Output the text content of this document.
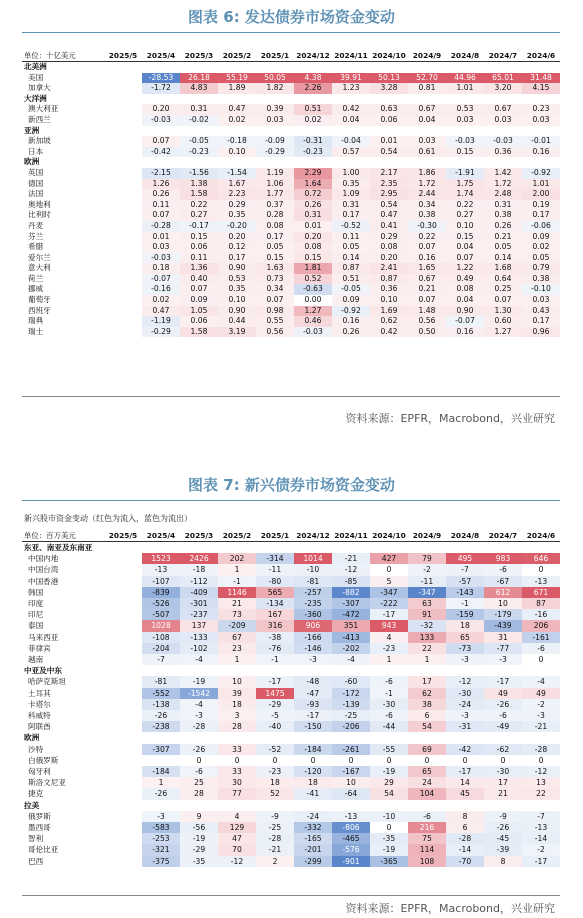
图表 6: 发达债券市场资金变动
单位：十亿美元	2025/5	2025/4	2025/3	2025/2	2025/1	2024/12	2024/11	2024/10	2024/9	2024/8	2024/7	2024/6
北美洲												
美国		-28.53	26.18	55.19	50.05	4.38	39.91	50.13	52.70	44.96	65.01	31.48
加拿大		-1.72	4.83	1.89	1.82	2.26	1.23	3.28	0.81	1.01	3.20	4.15
大洋洲												
澳大利亚		0.20	0.31	0.47	0.39	0.51	0.42	0.63	0.67	0.53	0.67	0.23
新西兰		-0.03	-0.02	0.02	0.03	0.02	0.04	0.06	0.04	0.03	0.03	0.03
亚洲												
新加坡		0.07	-0.05	-0.18	-0.09	-0.31	-0.04	0.01	0.03	-0.03	-0.03	-0.01
日本		-0.42	-0.23	0.10	-0.29	-0.23	0.57	0.54	0.61	0.15	0.36	0.16
欧洲												
英国		-2.15	-1.56	-1.54	1.19	2.29	1.00	2.17	1.86	-1.91	1.42	-0.92
德国		1.26	1.38	1.67	1.06	1.64	0.35	2.35	1.72	1.75	1.72	1.01
法国		0.26	1.58	2.23	1.77	0.72	1.09	2.95	2.44	1.74	2.48	2.00
奥地利		0.11	0.22	0.29	0.37	0.26	0.31	0.54	0.34	0.22	0.31	0.19
比利时		0.07	0.27	0.35	0.28	0.31	0.17	0.47	0.38	0.27	0.38	0.17
丹麦		-0.28	-0.17	-0.20	0.08	0.01	-0.52	0.41	-0.30	0.10	0.26	-0.06
芬兰		0.01	0.15	0.20	0.17	0.20	0.11	0.29	0.22	0.15	0.21	0.09
希腊		0.03	0.06	0.12	0.05	0.08	0.05	0.08	0.07	0.04	0.05	0.02
爱尔兰		-0.03	0.11	0.17	0.15	0.15	0.14	0.20	0.16	0.07	0.14	0.05
意大利		0.18	1.36	0.90	1.63	1.81	0.87	2.41	1.65	1.22	1.68	0.79
荷兰		-0.07	0.40	0.53	0.73	0.52	0.51	0.87	0.67	0.49	0.64	0.38
挪威		-0.16	0.07	0.35	0.34	-0.63	-0.05	0.36	0.21	0.08	0.25	-0.10
葡萄牙		0.02	0.09	0.10	0.07	0.00	0.09	0.10	0.07	0.04	0.07	0.03
西班牙		0.47	1.05	0.90	0.98	1.27	-0.92	1.69	1.48	0.90	1.30	0.43
瑞典		-1.19	0.06	0.44	0.55	0.46	0.16	0.62	0.56	-0.07	0.60	0.17
瑞士		-0.29	1.58	3.19	0.56	-0.03	0.26	0.42	0.50	0.16	1.27	0.96
资料来源：EPFR，Macrobond，兴业研究
图表 7: 新兴债券市场资金变动
新兴股市资金变动（红色为流入，蓝色为流出）
单位：百万美元	2025/5	2025/4	2025/3	2025/2	2025/1	2024/12	2024/11	2024/10	2024/9	2024/8	2024/7	2024/6
东亚、南亚及东南亚												
中国内地		1523	2426	202	-314	1014	-21	427	79	495	983	646
中国台湾		-13	-18	1	-11	-10	-12	0	-2	-7	-6	0
中国香港		-107	-112	-1	-80	-81	-85	5	-11	-57	-67	-13
韩国		-839	-409	1146	565	-257	-882	-347	-347	-143	612	671
印度		-526	-301	21	-134	-235	-307	-222	63	-1	10	87
印尼		-507	-237	73	167	-360	-472	-17	91	-159	-179	-16
泰国		1028	137	-209	316	906	351	943	-32	18	-439	206
马来西亚		-108	-133	67	-38	-166	-413	4	133	65	31	-161
菲律宾		-204	-102	23	-76	-146	-202	-23	22	-73	-77	-6
越南		-7	-4	1	-1	-3	-4	1	1	-3	-3	0
中亚及中东												
哈萨克斯坦		-81	-19	10	-17	-48	-60	-6	17	-12	-17	-4
土耳其		-552	-1542	39	1475	-47	-172	-1	62	-30	49	49
卡塔尔		-138	-4	18	-29	-93	-139	-30	38	-24	-26	-2
科威特		-26	-3	3	-5	-17	-25	-6	6	-3	-6	-3
阿联酋		-238	-28	28	-40	-150	-206	-44	54	-31	-49	-21
欧洲												
沙特		-307	-26	33	-52	-184	-261	-55	69	-42	-62	-28
白俄罗斯			0	0	0	0	0	0	0	0	0	0
匈牙利		-184	-6	33	-23	-120	-167	-19	65	-17	-30	-12
斯洛文尼亚		1	25	30	18	18	10	29	24	14	17	13
捷克		-26	28	77	52	-41	-64	54	104	45	21	22
拉美												
俄罗斯		-3	9	4	-9	-24	-13	-10	-6	8	-9	-7
墨西哥		-583	-56	129	-25	-332	-806	0	216	6	-26	-13
智利		-253	-19	47	-28	-165	-465	-35	75	-28	-45	-14
哥伦比亚		-321	-29	70	-21	-201	-576	-19	114	-14	-39	-2
巴西		-375	-35	-12	2	-299	-901	-365	108	-70	8	-17
资料来源：EPFR，Macrobond，兴业研究
